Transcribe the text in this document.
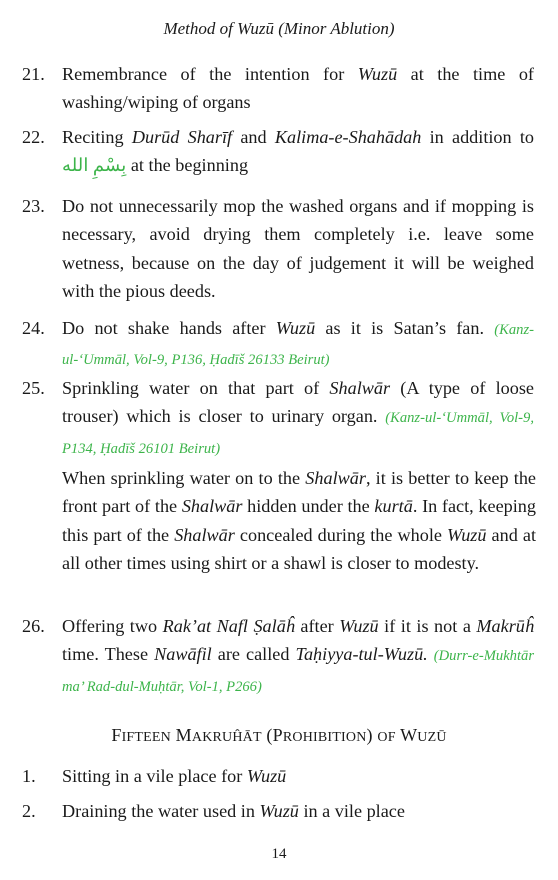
Method of Wuzū (Minor Ablution)
21. Remembrance of the intention for Wuzū at the time of washing/wiping of organs
22. Reciting Durūd Sharīf and Kalima-e-Shahādah in addition to بِسْمِ الله at the beginning
23. Do not unnecessarily mop the washed organs and if mopping is necessary, avoid drying them completely i.e. leave some wetness, because on the day of judgement it will be weighed with the pious deeds.
24. Do not shake hands after Wuzū as it is Satan’s fan. (Kanz-ul-‘Ummāl, Vol-9, P136, Ḥadīš 26133 Beirut)
25. Sprinkling water on that part of Shalwār (A type of loose trouser) which is closer to urinary organ. (Kanz-ul-‘Ummāl, Vol-9, P134, Ḥadīš 26101 Beirut)
When sprinkling water on to the Shalwār, it is better to keep the front part of the Shalwār hidden under the kurtā. In fact, keeping this part of the Shalwār concealed during the whole Wuzū and at all other times using shirt or a shawl is closer to modesty.
26. Offering two Rak’at Nafl Ṣalāĥ after Wuzū if it is not a Makrūĥ time. These Nawāfil are called Taḥiyya-tul-Wuzū. (Durr-e-Mukhtār ma’ Rad-dul-Muḥtār, Vol-1, P266)
FIFTEEN MAKRUĤĀT (PROHIBITION) OF WUZŪ
1.	Sitting in a vile place for Wuzū
2.	Draining the water used in Wuzū in a vile place
14
